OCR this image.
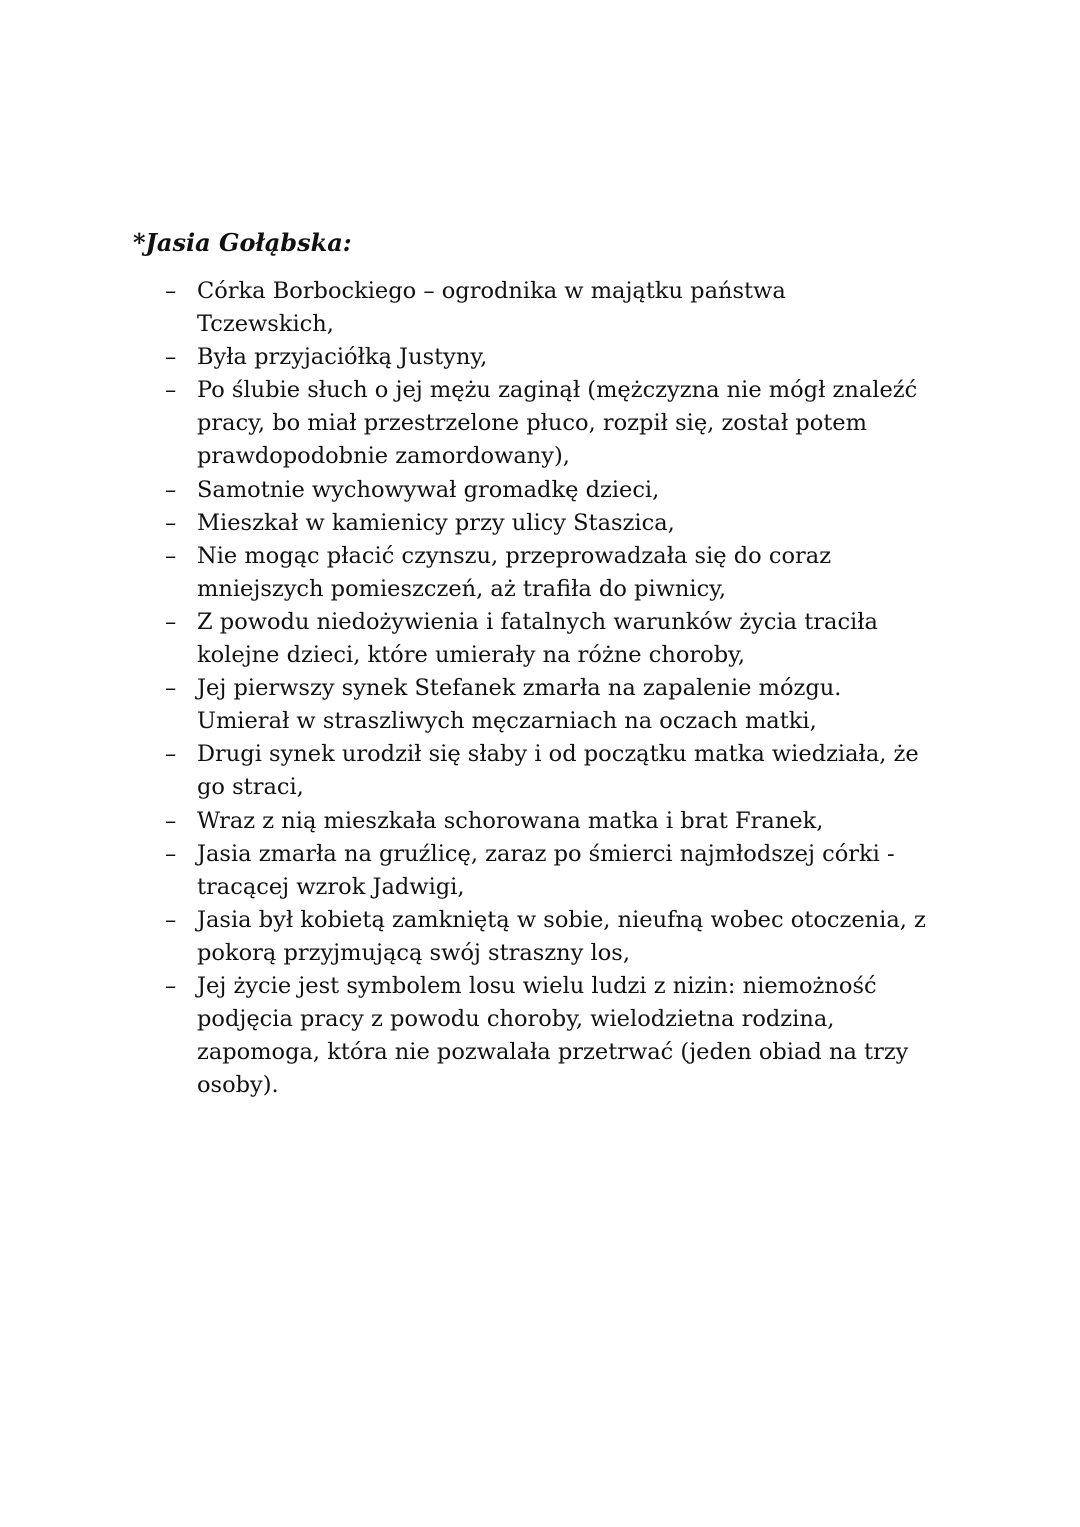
*Jasia Gołąbska:
– Córka Borbockiego – ogrodnika w majątku państwa
Tczewskich,
– Była przyjaciółką Justyny,
– Po ślubie słuch o jej mężu zaginął (mężczyzna nie mógł znaleźć
pracy, bo miał przestrzelone płuco, rozpił się, został potem
prawdopodobnie zamordowany),
– Samotnie wychowywał gromadkę dzieci,
– Mieszkał w kamienicy przy ulicy Staszica,
– Nie mogąc płacić czynszu, przeprowadzała się do coraz
mniejszych pomieszczeń, aż trafiła do piwnicy,
– Z powodu niedożywienia i fatalnych warunków życia traciła
kolejne dzieci, które umierały na różne choroby,
– Jej pierwszy synek Stefanek zmarła na zapalenie mózgu.
Umierał w straszliwych męczarniach na oczach matki,
– Drugi synek urodził się słaby i od początku matka wiedziała, że
go straci,
– Wraz z nią mieszkała schorowana matka i brat Franek,
– Jasia zmarła na gruźlicę, zaraz po śmierci najmłodszej córki -
tracącej wzrok Jadwigi,
– Jasia był kobietą zamkniętą w sobie, nieufną wobec otoczenia, z
pokorą przyjmującą swój straszny los,
– Jej życie jest symbolem losu wielu ludzi z nizin: niemożność
podjęcia pracy z powodu choroby, wielodzietna rodzina,
zapomoga, która nie pozwalała przetrwać (jeden obiad na trzy
osoby).
